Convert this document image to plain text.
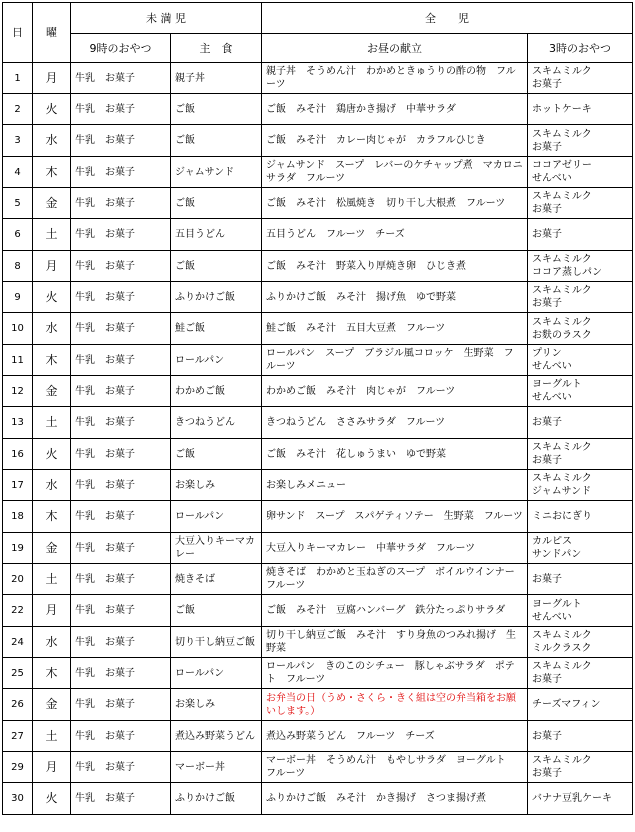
日	曜	未 満 児		全　　児	
		9時のおやつ	主　食	お昼の献立	3時のおやつ
1	月	牛乳　お菓子	親子丼	親子丼　そうめん汁　わかめときゅうりの酢の物　フルーツ	スキムミルク
お菓子

2	火	牛乳　お菓子	ご飯	ご飯　みそ汁　鶏唐かき揚げ　中華サラダ	ホットケーキ

3	水	牛乳　お菓子	ご飯	ご飯　みそ汁　カレー肉じゃが　カラフルひじき	スキムミルク
お菓子

4	木	牛乳　お菓子	ジャムサンド	ジャムサンド　スープ　レバーのケチャップ煮　マカロニサラダ　フルーツ	ココアゼリー
せんべい

5	金	牛乳　お菓子	ご飯	ご飯　みそ汁　松風焼き　切り干し大根煮　フルーツ	スキムミルク
お菓子

6	土	牛乳　お菓子	五目うどん	五目うどん　フルーツ　チーズ	お菓子

8	月	牛乳　お菓子	ご飯	ご飯　みそ汁　野菜入り厚焼き卵　ひじき煮	スキムミルク
ココア蒸しパン

9	火	牛乳　お菓子	ふりかけご飯	ふりかけご飯　みそ汁　揚げ魚　ゆで野菜	スキムミルク
お菓子

10	水	牛乳　お菓子	鮭ご飯	鮭ご飯　みそ汁　五目大豆煮　フルーツ	スキムミルク
お麩のラスク

11	木	牛乳　お菓子	ロールパン	ロールパン　スープ　ブラジル風コロッケ　生野菜　フルーツ	プリン
せんべい

12	金	牛乳　お菓子	わかめご飯	わかめご飯　みそ汁　肉じゃが　フルーツ	ヨーグルト
せんべい

13	土	牛乳　お菓子	きつねうどん	きつねうどん　ささみサラダ　フルーツ	お菓子

16	火	牛乳　お菓子	ご飯	ご飯　みそ汁　花しゅうまい　ゆで野菜	スキムミルク
お菓子

17	水	牛乳　お菓子	お楽しみ	お楽しみメニュー	スキムミルク
ジャムサンド

18	木	牛乳　お菓子	ロールパン	卵サンド　スープ　スパゲティソテー　生野菜　フルーツ	ミニおにぎり

19	金	牛乳　お菓子	大豆入りキーマカレー	大豆入りキーマカレー　中華サラダ　フルーツ	カルピス
サンドパン

20	土	牛乳　お菓子	焼きそば	焼きそば　わかめと玉ねぎのスープ　ボイルウインナー　フルーツ	お菓子

22	月	牛乳　お菓子	ご飯	ご飯　みそ汁　豆腐ハンバーグ　鉄分たっぷりサラダ	ヨーグルト
せんべい

24	水	牛乳　お菓子	切り干し納豆ご飯	切り干し納豆ご飯　みそ汁　すり身魚のつみれ揚げ　生野菜	スキムミルク
ミルクラスク

25	木	牛乳　お菓子	ロールパン	ロールパン　きのこのシチュー　豚しゃぶサラダ　ポテト　フルーツ	スキムミルク
お菓子

26	金	牛乳　お菓子	お楽しみ	お弁当の日（うめ・さくら・きく組は空の弁当箱をお願いします。）	チーズマフィン

27	土	牛乳　お菓子	煮込み野菜うどん	煮込み野菜うどん　フルーツ　チーズ	お菓子

29	月	牛乳　お菓子	マーボー丼	マーボー丼　そうめん汁　もやしサラダ　ヨーグルト　フルーツ	スキムミルク
お菓子

30	火	牛乳　お菓子	ふりかけご飯	ふりかけご飯　みそ汁　かき揚げ　さつま揚げ煮	バナナ豆乳ケーキ
